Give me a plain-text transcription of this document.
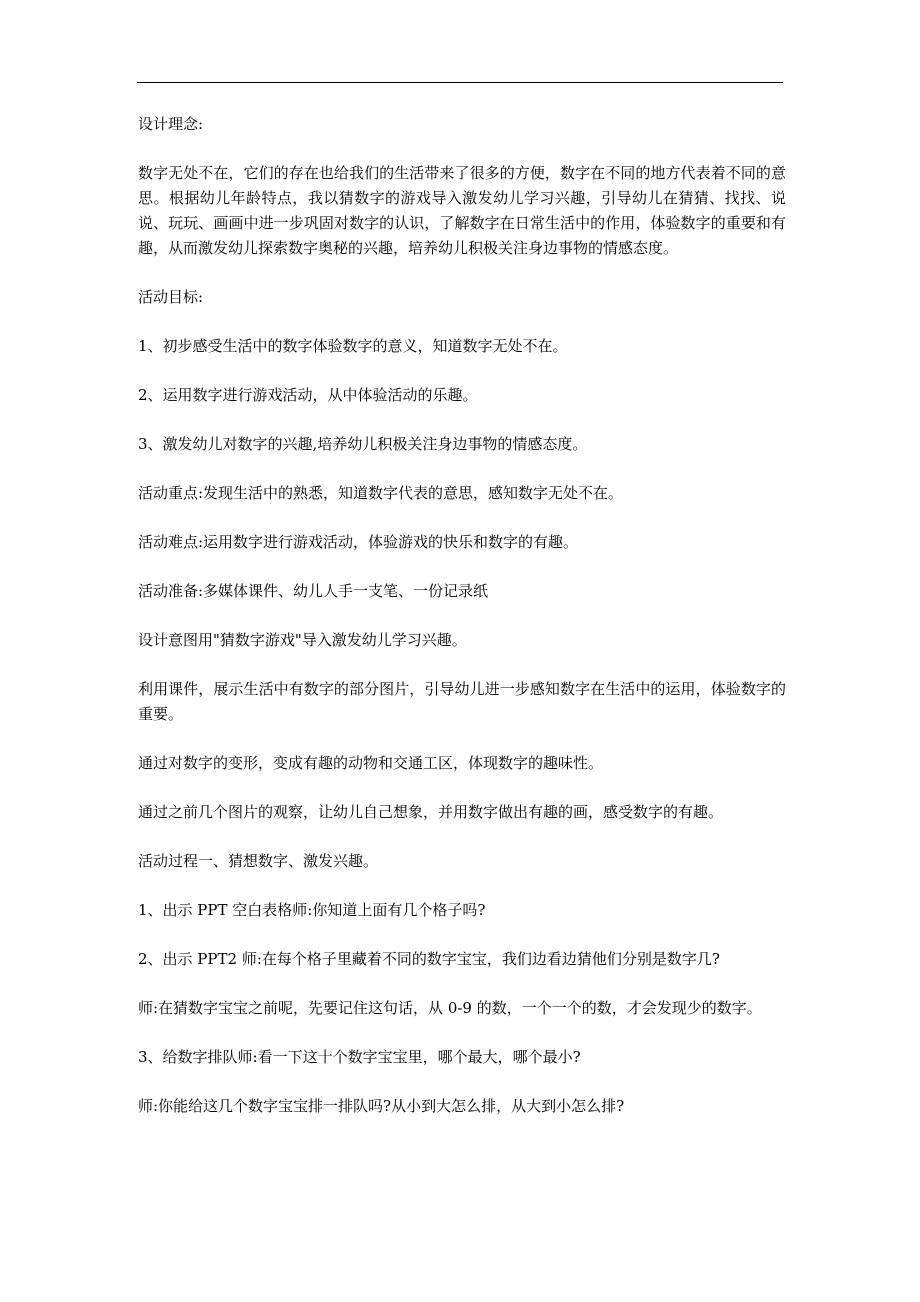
设计理念:

数字无处不在，它们的存在也给我们的生活带来了很多的方便，数字在不同的地方代表着不同的意思。根据幼儿年龄特点，我以猜数字的游戏导入激发幼儿学习兴趣，引导幼儿在猜猜、找找、说说、玩玩、画画中进一步巩固对数字的认识，了解数字在日常生活中的作用，体验数字的重要和有趣，从而激发幼儿探索数字奥秘的兴趣，培养幼儿积极关注身边事物的情感态度。

活动目标:

1、初步感受生活中的数字体验数字的意义，知道数字无处不在。

2、运用数字进行游戏活动，从中体验活动的乐趣。

3、激发幼儿对数字的兴趣,培养幼儿积极关注身边事物的情感态度。

活动重点:发现生活中的熟悉，知道数字代表的意思，感知数字无处不在。

活动难点:运用数字进行游戏活动，体验游戏的快乐和数字的有趣。

活动准备:多媒体课件、幼儿人手一支笔、一份记录纸

设计意图用"猜数字游戏"导入激发幼儿学习兴趣。

利用课件，展示生活中有数字的部分图片，引导幼儿进一步感知数字在生活中的运用，体验数字的重要。

通过对数字的变形，变成有趣的动物和交通工区，体现数字的趣味性。

通过之前几个图片的观察，让幼儿自己想象，并用数字做出有趣的画，感受数字的有趣。

活动过程一、猜想数字、激发兴趣。

1、出示 PPT 空白表格师:你知道上面有几个格子吗?

2、出示 PPT2 师:在每个格子里藏着不同的数字宝宝，我们边看边猜他们分别是数字几?

师:在猜数字宝宝之前呢，先要记住这句话，从 0-9 的数，一个一个的数，才会发现少的数字。

3、给数字排队师:看一下这十个数字宝宝里，哪个最大，哪个最小?

师:你能给这几个数字宝宝排一排队吗?从小到大怎么排，从大到小怎么排?
